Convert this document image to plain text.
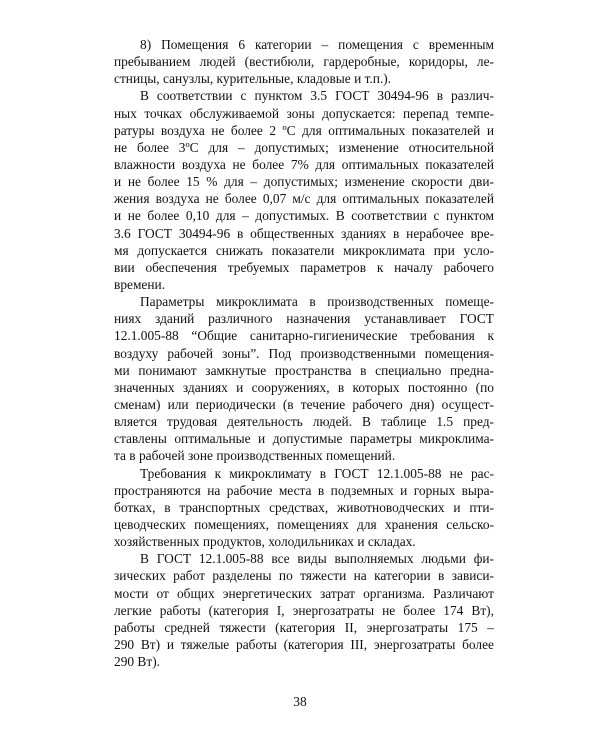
8) Помещения 6 категории – помещения с временным
пребыванием людей (вестибюли, гардеробные, коридоры, ле-
стницы, санузлы, курительные, кладовые и т.п.).
В соответствии с пунктом 3.5 ГОСТ 30494-96 в различ-
ных точках обслуживаемой зоны допускается: перепад темпе-
ратуры воздуха не более 2 ºС для оптимальных показателей и
не более 3ºС для – допустимых; изменение относительной
влажности воздуха не более 7% для оптимальных показателей
и не более 15 % для – допустимых; изменение скорости дви-
жения воздуха не более 0,07 м/с для оптимальных показателей
и не более 0,10 для – допустимых. В соответствии с пунктом
3.6 ГОСТ 30494-96 в общественных зданиях в нерабочее вре-
мя допускается снижать показатели микроклимата при усло-
вии обеспечения требуемых параметров к началу рабочего
времени.
Параметры микроклимата в производственных помеще-
ниях зданий различного назначения устанавливает ГОСТ
12.1.005-88 “Общие санитарно-гигиенические требования к
воздуху рабочей зоны”. Под производственными помещения-
ми понимают замкнутые пространства в специально предна-
значенных зданиях и сооружениях, в которых постоянно (по
сменам) или периодически (в течение рабочего дня) осущест-
вляется трудовая деятельность людей. В таблице 1.5 пред-
ставлены оптимальные и допустимые параметры микроклима-
та в рабочей зоне производственных помещений.
Требования к микроклимату в ГОСТ 12.1.005-88 не рас-
пространяются на рабочие места в подземных и горных выра-
ботках, в транспортных средствах, животноводческих и пти-
цеводческих помещениях, помещениях для хранения сельско-
хозяйственных продуктов, холодильниках и складах.
В ГОСТ 12.1.005-88 все виды выполняемых людьми фи-
зических работ разделены по тяжести на категории в зависи-
мости от общих энергетических затрат организма. Различают
легкие работы (категория I, энергозатраты не более 174 Вт),
работы средней тяжести (категория II, энергозатраты 175 –
290 Вт) и тяжелые работы (категория III, энергозатраты более
290 Вт).
38
